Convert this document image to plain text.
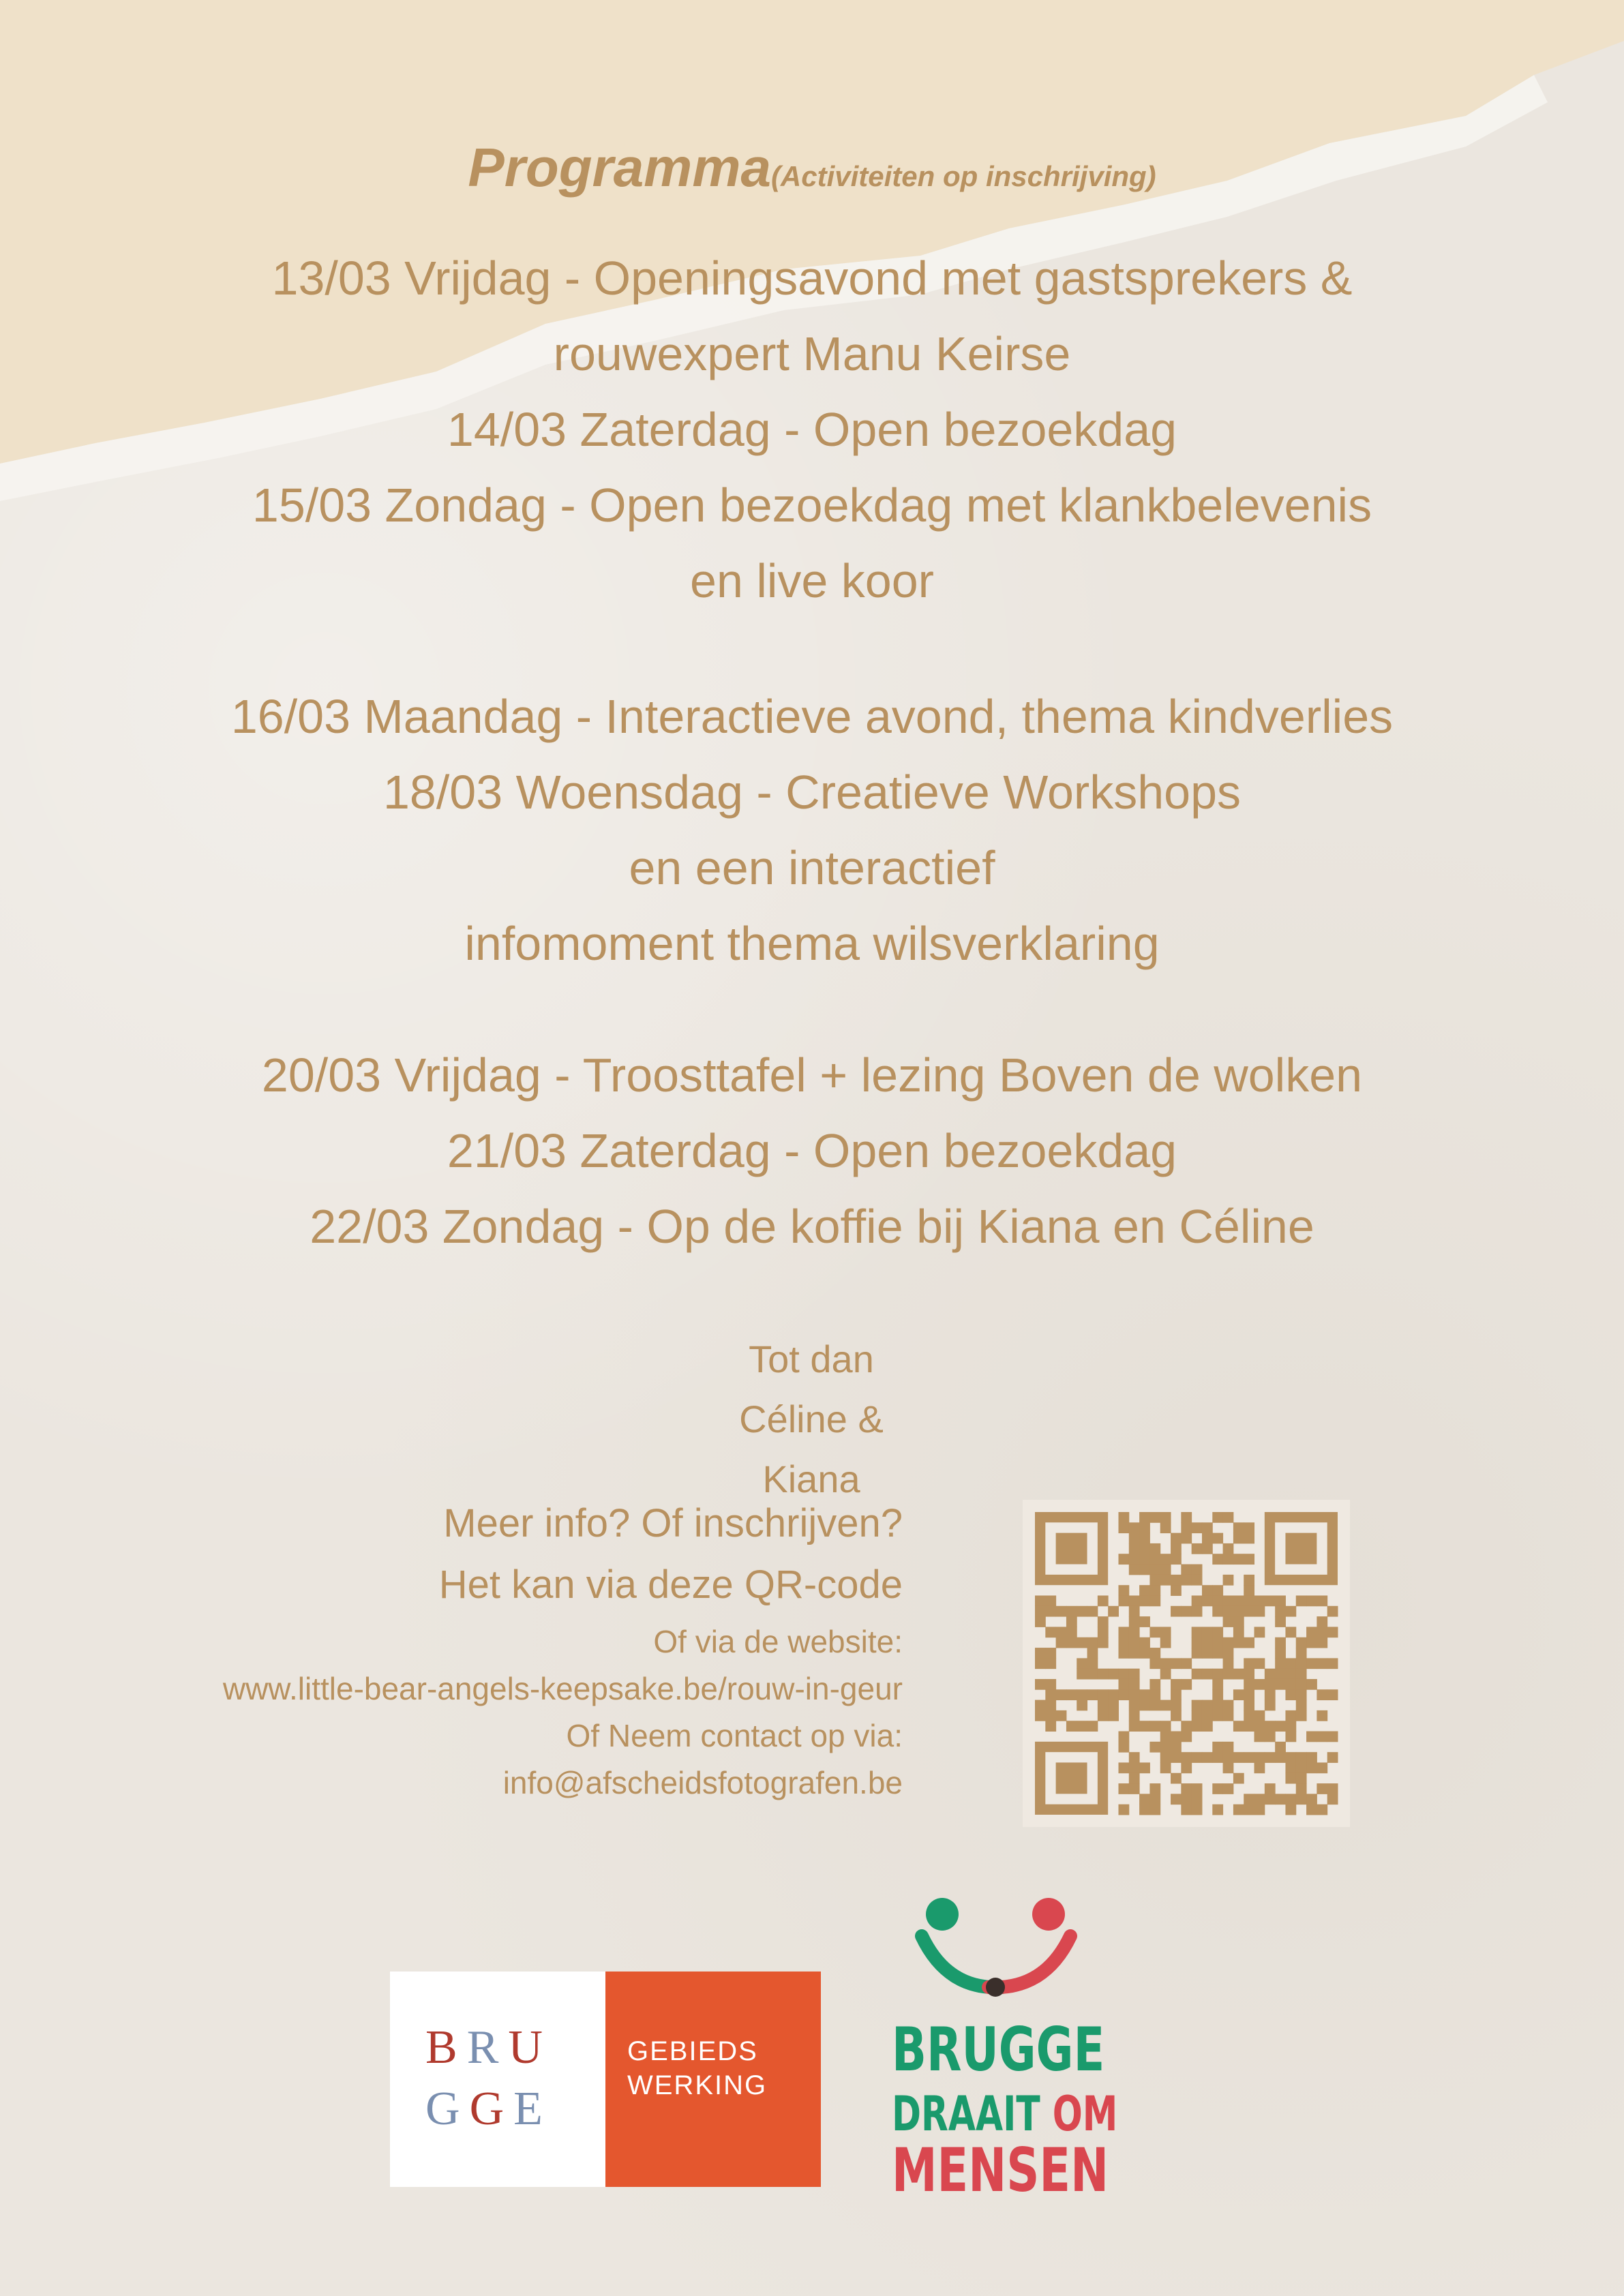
Programma(Activiteiten op inschrijving)
13/03 Vrijdag - Openingsavond met gastsprekers &
rouwexpert Manu Keirse
14/03 Zaterdag - Open bezoekdag
15/03 Zondag - Open bezoekdag met klankbelevenis
en live koor
16/03 Maandag - Interactieve avond, thema kindverlies
18/03 Woensdag - Creatieve Workshops
en een interactief
infomoment thema wilsverklaring
20/03 Vrijdag - Troosttafel + lezing Boven de wolken
21/03 Zaterdag - Open bezoekdag
22/03 Zondag - Op de koffie bij Kiana en Céline
Tot dan
Céline & Kiana
Meer info? Of inschrijven?
Het kan via deze QR-code
Of via de website:
www.little-bear-angels-keepsake.be/rouw-in-geur
Of Neem contact op via:
info@afscheidsfotografen.be
BRU
GGE
GEBIEDS
WERKING
BRUGGE
DRAAIT OM
MENSEN
